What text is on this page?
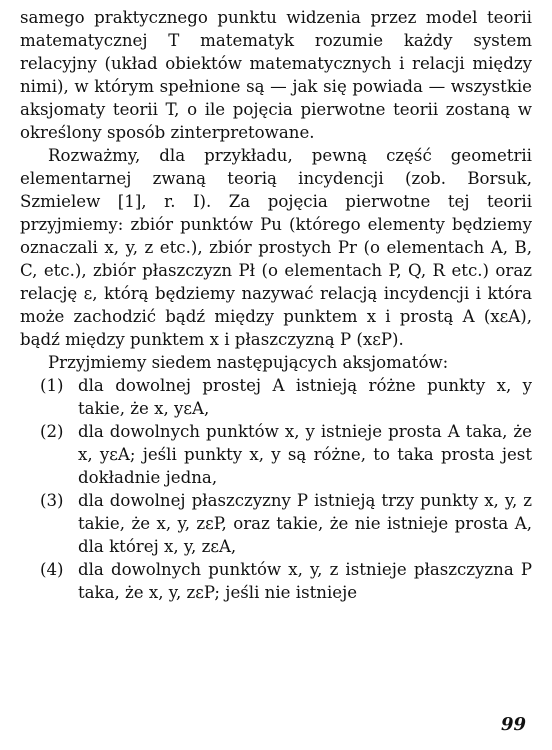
samego praktycznego punktu widzenia przez model teorii matematycznej T matematyk rozumie każdy system relacyjny (układ obiektów matematycznych i relacji między nimi), w którym spełnione są — jak się powiada — wszystkie aksjomaty teorii T, o ile pojęcia pierwotne teorii zostaną w określony sposób zinterpretowane.

Rozważmy, dla przykładu, pewną część geometrii elementarnej zwaną teorią incydencji (zob. Borsuk, Szmielew [1], r. I). Za pojęcia pierwotne tej teorii przyjmiemy: zbiór punktów Pu (którego elementy będziemy oznaczali x, y, z etc.), zbiór prostych Pr (o elementach A, B, C, etc.), zbiór płaszczyzn Pł (o elementach P, Q, R etc.) oraz relację ε, którą będziemy nazywać relacją incydencji i która może zachodzić bądź między punktem x i prostą A (xεA), bądź między punktem x i płaszczyzną P (xεP).

Przyjmiemy siedem następujących aksjomatów:

(1) dla dowolnej prostej A istnieją różne punkty x, y takie, że x, yεA,
(2) dla dowolnych punktów x, y istnieje prosta A taka, że x, yεA; jeśli punkty x, y są różne, to taka prosta jest dokładnie jedna,
(3) dla dowolnej płaszczyzny P istnieją trzy punkty x, y, z takie, że x, y, zεP, oraz takie, że nie istnieje prosta A, dla której x, y, zεA,
(4) dla dowolnych punktów x, y, z istnieje płaszczyzna P taka, że x, y, zεP; jeśli nie istnieje
99
